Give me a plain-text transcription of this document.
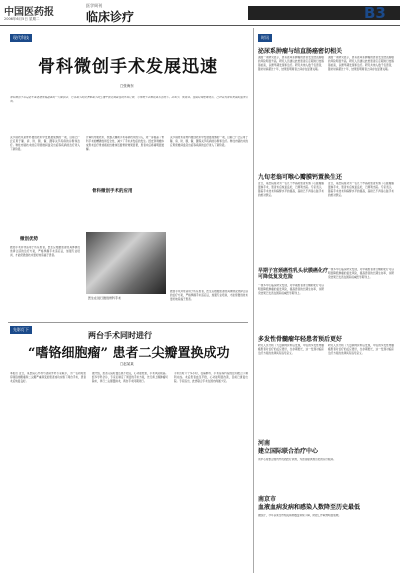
中国医药报
2006年6月5日 星期二
医学周刊
临床诊疗	B3
现代科技
骨科微创手术发展迅速
□张海东
骨科微创手术是近年来迅速发展起来的一门新技术，它以最小的侵袭和最小的生理干扰达到最佳的外科疗效，与传统手术相比具有创伤小、出血少、恢复快、住院时间短等优点，已经成为骨科发展的重要方向。
关节镜技术是骨科微创技术中发展最成熟的一项，目前已广泛应用于膝、肩、肘、腕、髋、踝等关节疾病的诊断和治疗。脊柱内镜技术的应用使椎间盘突出症等疾病的治疗进入了新阶段。
微创优势
微创手术并非适用于所有患者，医生应根据患者的具体情况选择合适的治疗方案，严格掌握手术适应证，加强专业培训，才能使微创技术更好地造福于患者。
计算机导航技术、机器人辅助手术等新技术的引入，进一步提高了骨科手术的精确性和安全性，减少了手术并发症的发生。经皮穿刺椎体成形术治疗骨质疏松性椎体压缩骨折效果显著，患者术后疼痛明显缓解。
骨科微创手术的应用
关节镜技术是骨科微创技术中发展最成熟的一项，目前已广泛应用于膝、肩、肘、腕、髋、踝等关节疾病的诊断和治疗。脊柱内镜技术的应用使椎间盘突出症等疾病的治疗进入了新阶段。
医生在进行微创骨科手术
微创手术并非适用于所有患者，医生应根据患者的具体情况选择合适的治疗方案，严格掌握手术适应证，加强专业培训，才能使微创技术更好地造福于患者。
先影灯下
两台手术同时进行
“嗜铬细胞瘤” 患者二尖瓣置换成功
□赵某某
本报讯 近日，某医院心外科与泌尿外科专家联手，为一名同时患有嗜铬细胞瘤和二尖瓣严重病变的患者成功实施了两台手术，患者术后恢复良好。
据介绍，患者入院时血压极不稳定，心功能较差，手术风险极高。经多学科会诊，专家们制定了周密的手术方案，先行肾上腺肿瘤切除术，再行二尖瓣置换术，两台手术同期进行。
手术历时六个多小时，在麻醉科、手术室等科室的密切配合下顺利完成。术后患者血压平稳，心功能明显改善，目前已康复出院。专家指出，此类联合手术在国内尚属少见。
时讯
泌尿系肿瘤与结直肠癌密切相关
美国一项研究显示，患有泌尿系肿瘤的患者发生结直肠癌的风险明显升高，研究人员建议此类患者应定期进行结肠镜检查，以便早期发现和治疗。研究共纳入数千名患者，随访时间超过十年，结果表明两者之间存在显著关联。
美国一项研究显示，患有泌尿系肿瘤的患者发生结直肠癌的风险明显升高，研究人员建议此类患者应定期进行结肠镜检查，以便早期发现和治疗。研究共纳入数千名患者，随访时间超过十年，结果表明两者之间存在显著关联。
九旬老翁可喉心瓣膜钙置换生还
近日，某医院成功为一名九十岁高龄患者实施了心脏瓣膜置换手术，患者术后恢复良好，已顺利出院。专家表示，随着手术技术和麻醉水平的提高，高龄已不再是心脏手术的绝对禁忌。
近日，某医院成功为一名九十岁高龄患者实施了心脏瓣膜置换手术，患者术后恢复良好，已顺利出院。专家表示，随着手术技术和麻醉水平的提高，高龄已不再是心脏手术的绝对禁忌。
早期子宫颈癌性乳头状膜癌化疗可降低复发危险
一项多中心临床研究发现，对早期患者进行辅助化疗可以明显降低肿瘤的复发风险，提高患者的长期生存率，该研究结果已发表在国际权威医学期刊上。
一项多中心临床研究发现，对早期患者进行辅助化疗可以明显降低肿瘤的复发风险，提高患者的长期生存率，该研究结果已发表在国际权威医学期刊上。
多发性骨髓瘤年轻患者预后更好
研究人员分析了大量病例资料后发现，年轻的多发性骨髓瘤患者对治疗的反应更好，生存期更长，这一发现对临床治疗方案的选择具有指导意义。
研究人员分析了大量病例资料后发现，年轻的多发性骨髓瘤患者对治疗的反应更好，生存期更长，这一发现对临床治疗方案的选择具有指导意义。
河南
建立国际联合治疗中心
该中心将整合国内外优质医疗资源，为患者提供规范化的诊疗服务。
南京市
血液血病发病和感染人数降至历史最低
据统计，今年以来全市相关病例数量持续下降，防控工作取得明显成效。
